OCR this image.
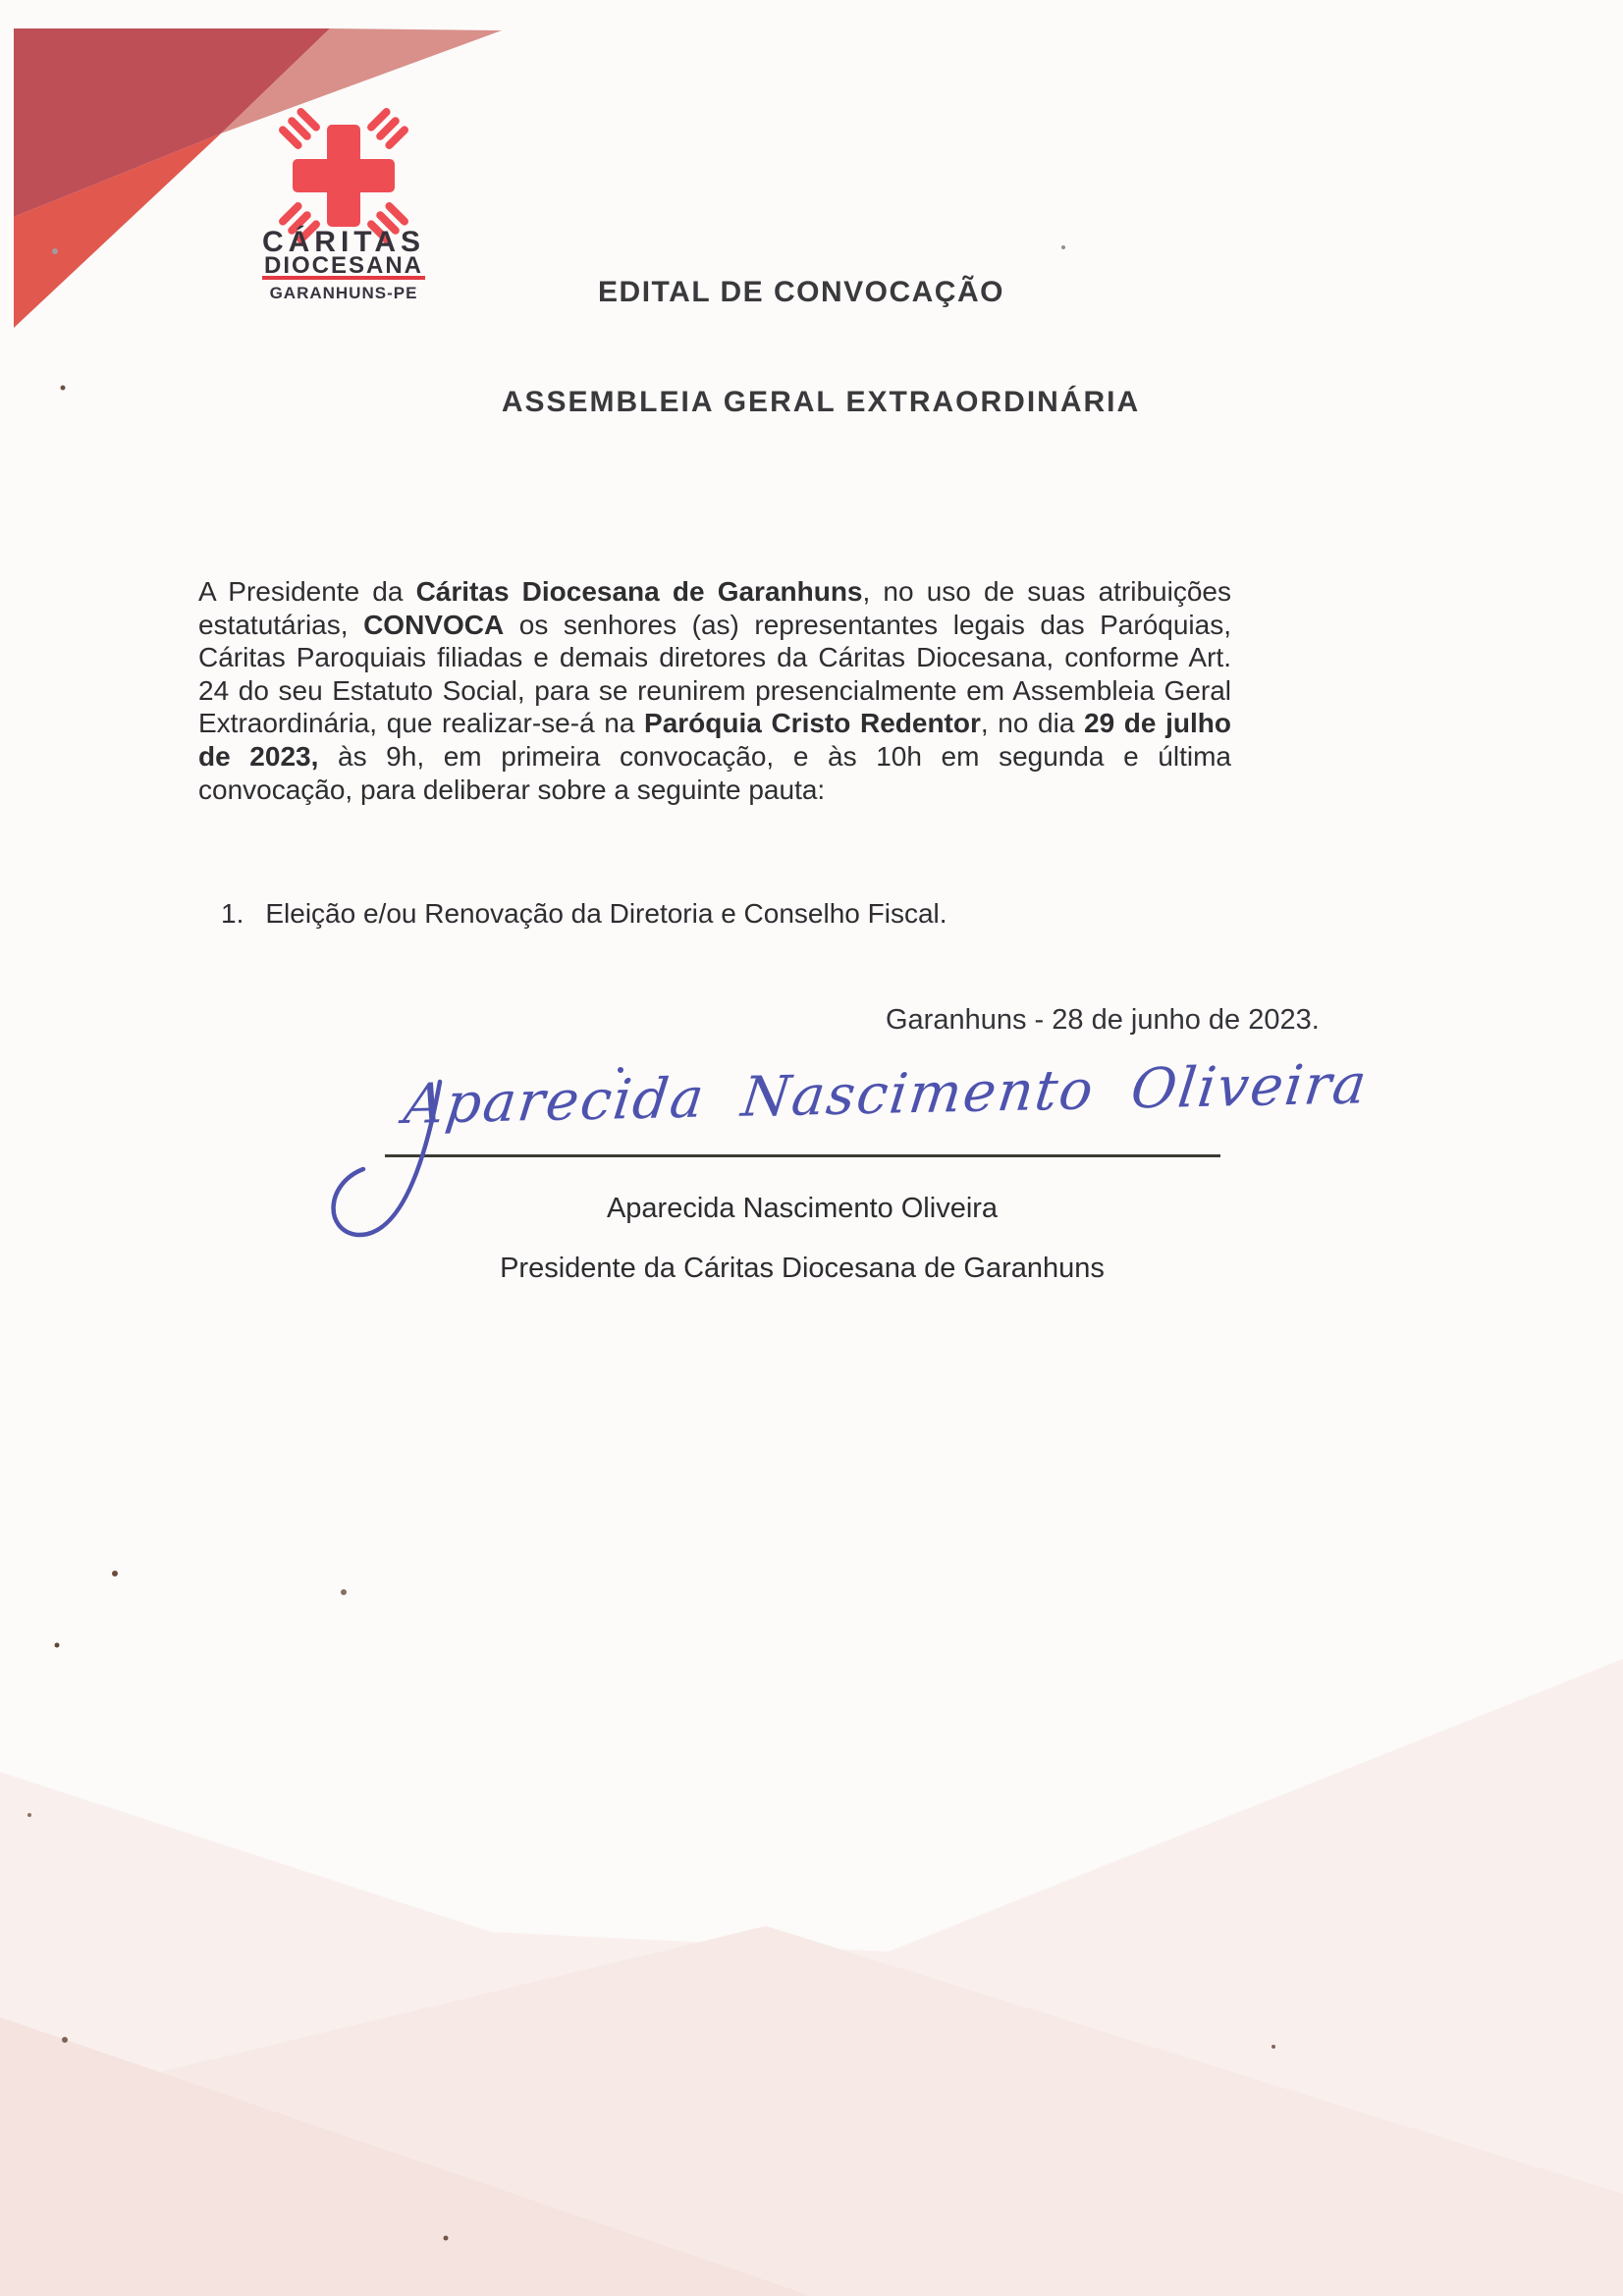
CÁRITAS
DIOCESANA
GARANHUNS-PE	EDITAL DE CONVOCAÇÃO
ASSEMBLEIA GERAL EXTRAORDINÁRIA
A Presidente da Cáritas Diocesana de Garanhuns, no uso de suas atribuições estatutárias, CONVOCA os senhores (as) representantes legais das Paróquias, Cáritas Paroquiais filiadas e demais diretores da Cáritas Diocesana, conforme Art. 24 do seu Estatuto Social, para se reunirem presencialmente em Assembleia Geral Extraordinária, que realizar-se-á na Paróquia Cristo Redentor, no dia 29 de julho de 2023, às 9h, em primeira convocação, e às 10h em segunda e última convocação, para deliberar sobre a seguinte pauta:
1. Eleição e/ou Renovação da Diretoria e Conselho Fiscal.
Garanhuns - 28 de junho de 2023.
Aparecida Nascimento Oliveira
Aparecida Nascimento Oliveira
Presidente da Cáritas Diocesana de Garanhuns
